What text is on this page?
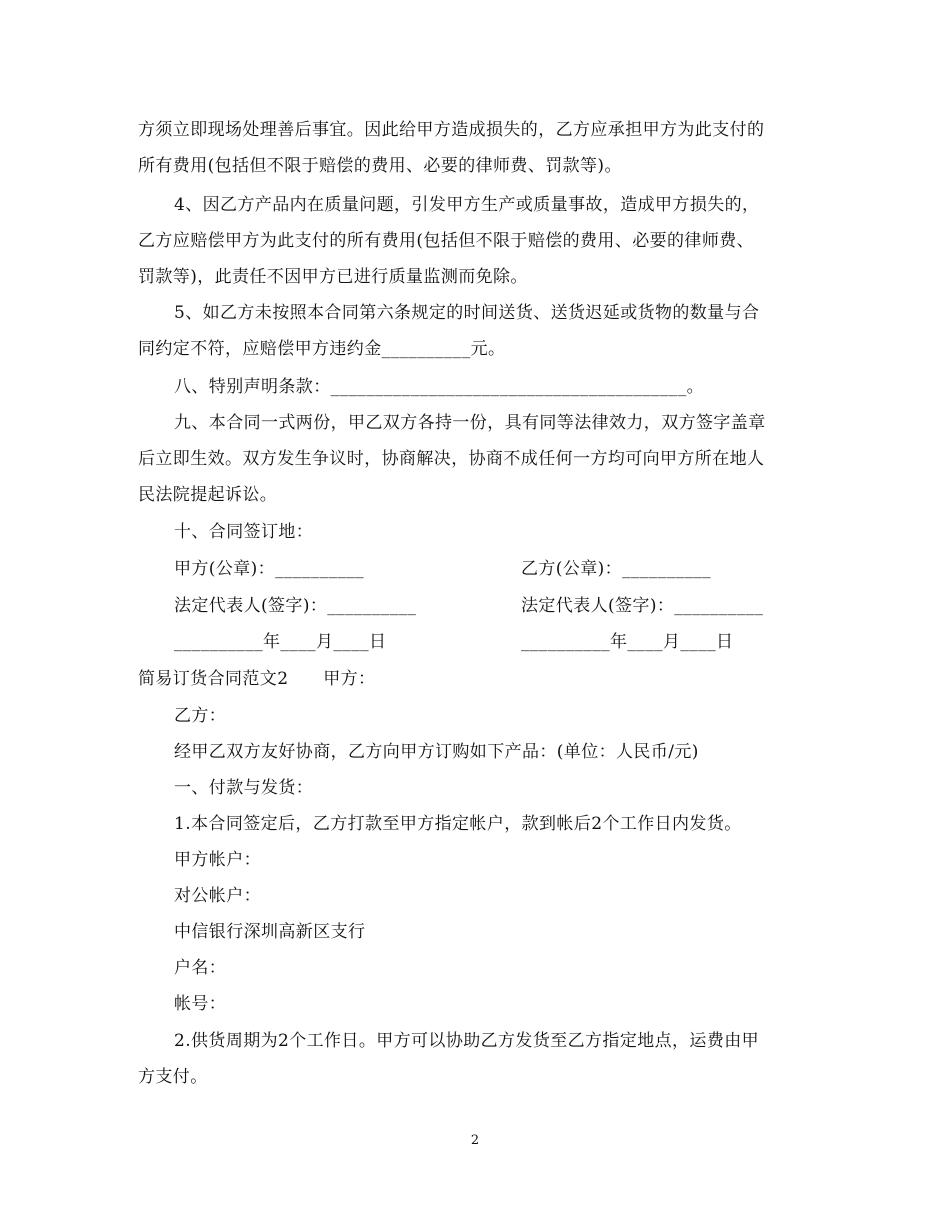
方须立即现场处理善后事宜。因此给甲方造成损失的，乙方应承担甲方为此支付的
所有费用(包括但不限于赔偿的费用、必要的律师费、罚款等)。
4、因乙方产品内在质量问题，引发甲方生产或质量事故，造成甲方损失的，
乙方应赔偿甲方为此支付的所有费用(包括但不限于赔偿的费用、必要的律师费、
罚款等)，此责任不因甲方已进行质量监测而免除。
5、如乙方未按照本合同第六条规定的时间送货、送货迟延或货物的数量与合
同约定不符，应赔偿甲方违约金__________元。
八、特别声明条款：________________________________________。
九、本合同一式两份，甲乙双方各持一份，具有同等法律效力，双方签字盖章
后立即生效。双方发生争议时，协商解决，协商不成任何一方均可向甲方所在地人
民法院提起诉讼。
十、合同签订地：
甲方(公章)：__________	乙方(公章)：__________
法定代表人(签字)：__________	法定代表人(签字)：__________
__________年____月____日	__________年____月____日
简易订货合同范文2　　甲方：
乙方：
经甲乙双方友好协商，乙方向甲方订购如下产品：(单位：人民币/元)
一、付款与发货：
1.本合同签定后，乙方打款至甲方指定帐户，款到帐后2个工作日内发货。
甲方帐户：
对公帐户：
中信银行深圳高新区支行
户名：
帐号：
2.供货周期为2个工作日。甲方可以协助乙方发货至乙方指定地点，运费由甲
方支付。
2
